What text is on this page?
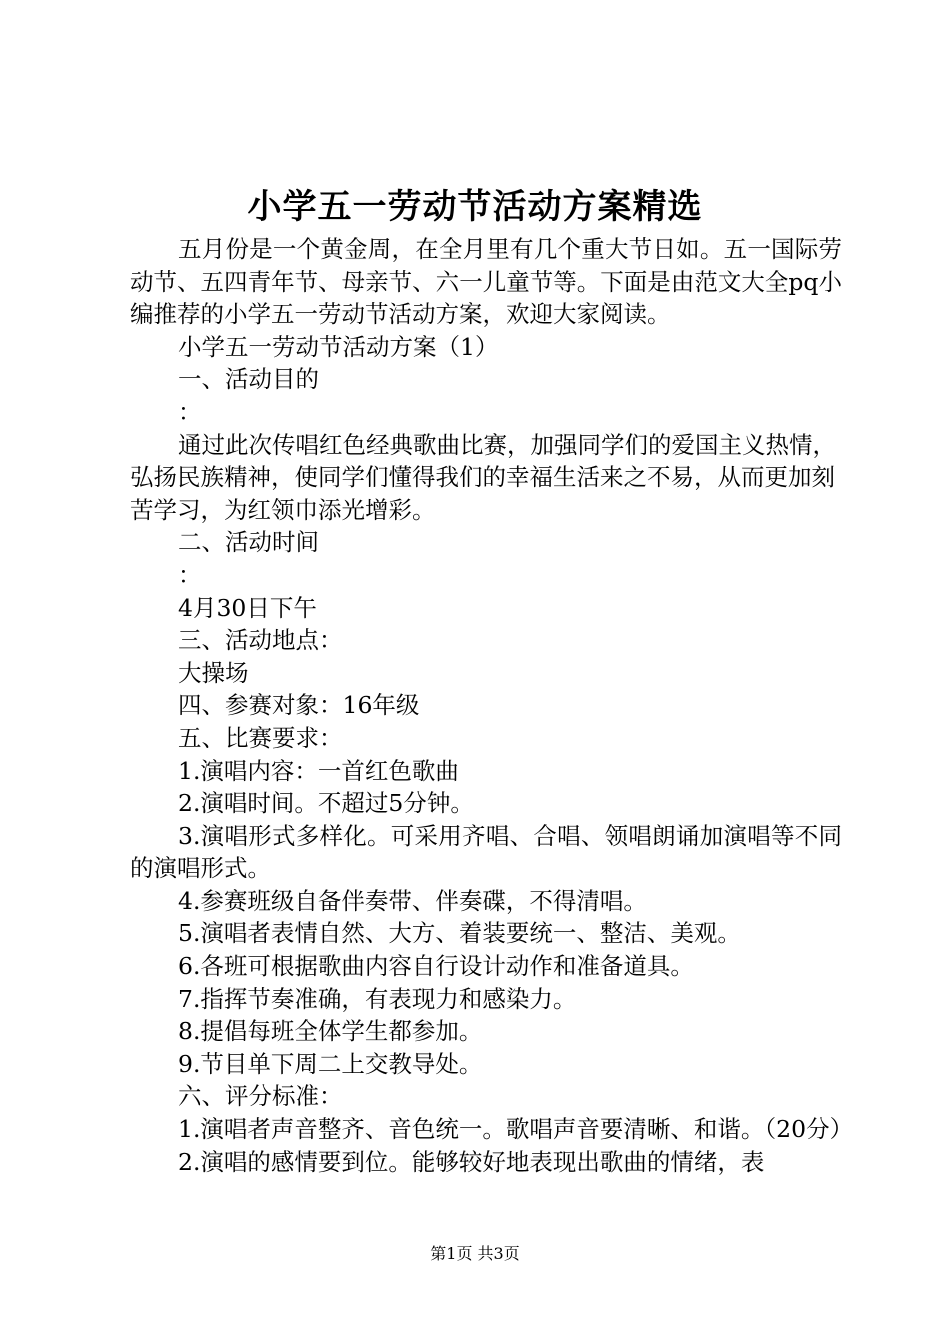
小学五一劳动节活动方案精选

五月份是一个黄金周，在全月里有几个重大节日如。五一国际劳动节、五四青年节、母亲节、六一儿童节等。下面是由范文大全pq小编推荐的小学五一劳动节活动方案，欢迎大家阅读。

小学五一劳动节活动方案（1）

一、活动目的

：

通过此次传唱红色经典歌曲比赛，加强同学们的爱国主义热情，弘扬民族精神，使同学们懂得我们的幸福生活来之不易，从而更加刻苦学习，为红领巾添光增彩。

二、活动时间

：

4月30日下午

三、活动地点：

大操场

四、参赛对象：16年级

五、比赛要求：

1.演唱内容：一首红色歌曲

2.演唱时间。不超过5分钟。

3.演唱形式多样化。可采用齐唱、合唱、领唱朗诵加演唱等不同的演唱形式。

4.参赛班级自备伴奏带、伴奏碟，不得清唱。

5.演唱者表情自然、大方、着装要统一、整洁、美观。

6.各班可根据歌曲内容自行设计动作和准备道具。

7.指挥节奏准确，有表现力和感染力。

8.提倡每班全体学生都参加。

9.节目单下周二上交教导处。

六、评分标准：

1.演唱者声音整齐、音色统一。歌唱声音要清晰、和谐。（20分）

2.演唱的感情要到位。能够较好地表现出歌曲的情绪，表

第1页 共3页
